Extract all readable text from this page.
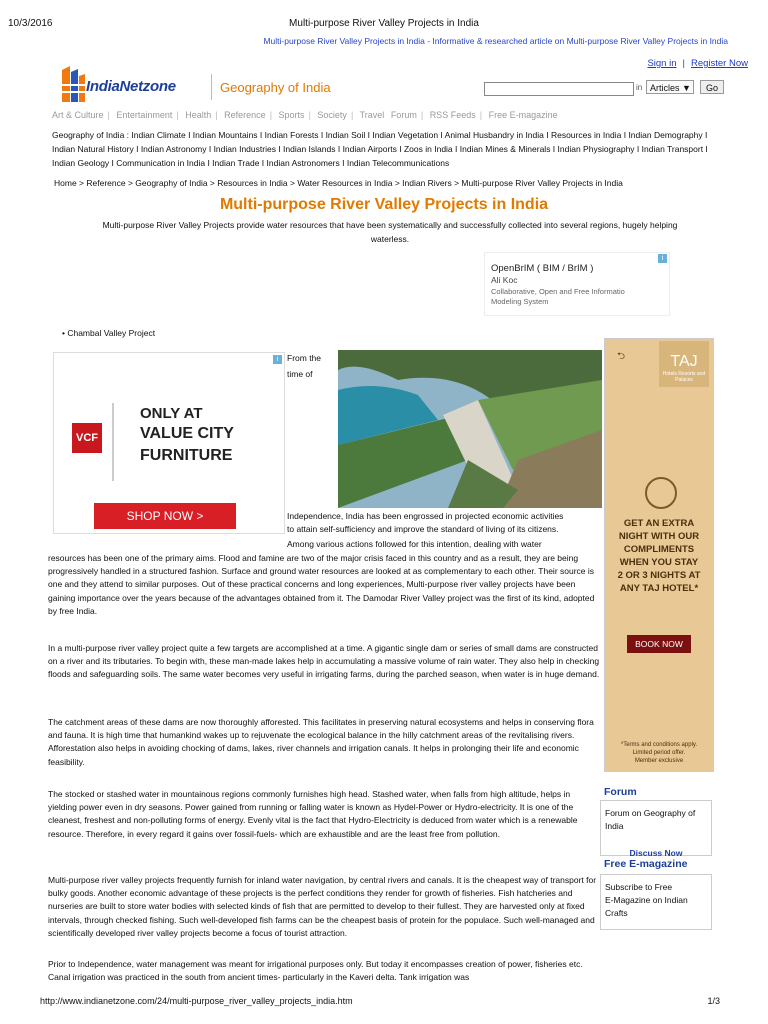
10/3/2016	Multi-purpose River Valley Projects in India
Multi-purpose River Valley Projects in India - Informative & researched article on Multi-purpose River Valley Projects in India
Sign in | Register Now
IndiaNetzone	Geography of India	in Articles ▼	Go
Art & Culture | Entertainment | Health | Reference | Sports | Society | Travel Forum | RSS Feeds | Free E-magazine
Geography of India : Indian Climate I Indian Mountains I Indian Forests I Indian Soil I Indian Vegetation I Animal Husbandry in India I Resources in India I Indian Demography I Indian Natural History I Indian Astronomy I Indian Industries I Indian Islands I Indian Airports I Zoos in India I Indian Mines & Minerals I Indian Physiography I Indian Transport I Indian Geology I Communication in India I Indian Trade I Indian Astronomers I Indian Telecommunications
Home > Reference > Geography of India > Resources in India > Water Resources in India > Indian Rivers > Multi-purpose River Valley Projects in India
Multi-purpose River Valley Projects in India
Multi-purpose River Valley Projects provide water resources that have been systematically and successfully collected into several regions, hugely helping waterless.
i
OpenBrIM ( BIM / BrIM )
Ali Koc
Collaborative, Open and Free Informatio
Modeling System
• Chambal Valley Project
i
VCF
ONLY AT
VALUE CITY
FURNITURE
SHOP NOW >
From the
time of
Independence, India has been engrossed in projected economic activities
to attain self-sufficiency and improve the standard of living of its citizens.
Among various actions followed for this intention, dealing with water
resources has been one of the primary aims. Flood and famine are two of the major crisis faced in this country and as a result, they are being progressively handled in a structured fashion. Surface and ground water resources are looked at as complementary to each other. Their source is one and they attend to similar purposes. Out of these practical concerns and long experiences, Multi-purpose river valley projects have been gaining importance over the years because of the advantages obtained from it. The Damodar River Valley project was the first of its kind, adopted by free India.
In a multi-purpose river valley project quite a few targets are accomplished at a time. A gigantic single dam or series of small dams are constructed on a river and its tributaries. To begin with, these man-made lakes help in accumulating a massive volume of rain water. They also help in checking floods and safeguarding soils. The same water becomes very useful in irrigating farms, during the parched season, when water is in huge demand.
The catchment areas of these dams are now thoroughly afforested. This facilitates in preserving natural ecosystems and helps in conserving flora and fauna. It is high time that humankind wakes up to rejuvenate the ecological balance in the hilly catchment areas of the revitalising rivers. Afforestation also helps in avoiding chocking of dams, lakes, river channels and irrigation canals. It helps in prolonging their life and economic feasibility.
The stocked or stashed water in mountainous regions commonly furnishes high head. Stashed water, when falls from high altitude, helps in yielding power even in dry seasons. Power gained from running or falling water is known as Hydel-Power or Hydro-electricity. It is one of the cleanest, freshest and non-polluting forms of energy. Evenly vital is the fact that Hydro-Electricity is deduced from water which is a renewable resource. Therefore, in every regard it gains over fossil-fuels- which are exhaustible and are the least free from pollution.
Multi-purpose river valley projects frequently furnish for inland water navigation, by central rivers and canals. It is the cheapest way of transport for bulky goods. Another economic advantage of these projects is the perfect conditions they render for growth of fisheries. Fish hatcheries and nurseries are built to store water bodies with selected kinds of fish that are permitted to develop to their fullest. They are harvested only at fixed intervals, through checked fishing. Such well-developed fish farms can be the cheapest basis of protein for the populace. Such well-managed and scientifically developed river valley projects become a focus of tourist attraction.
Prior to Independence, water management was meant for irrigational purposes only. But today it encompasses creation of power, fisheries etc. Canal irrigation was practiced in the south from ancient times- particularly in the Kaveri delta. Tank irrigation was
⮌	TAJ
Hotels Resorts and Palaces
GET AN EXTRA
NIGHT WITH OUR
COMPLIMENTS
WHEN YOU STAY
2 OR 3 NIGHTS AT
ANY TAJ HOTEL*
BOOK NOW
*Terms and conditions apply.
Limited period offer.
Member exclusive
Forum
Forum on Geography of India
Discuss Now
Free E-magazine
Subscribe to Free
E-Magazine on Indian Crafts
http://www.indianetzone.com/24/multi-purpose_river_valley_projects_india.htm	1/3
